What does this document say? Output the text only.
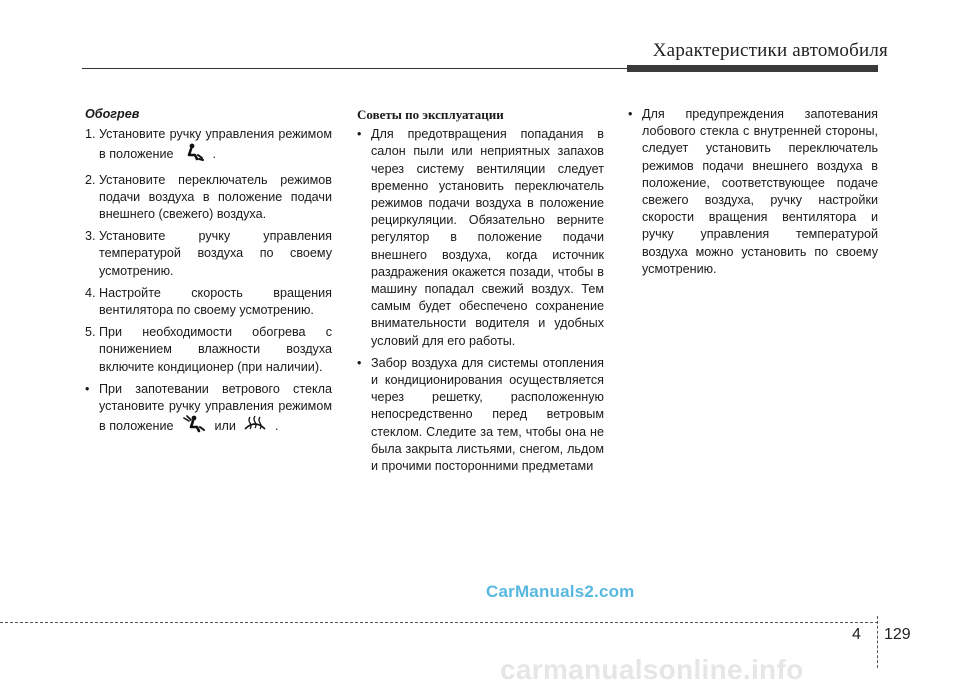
Характеристики автомобиля
Обогрев
1. Установите ручку управления режимом в положение	.
2. Установите переключатель режимов подачи воздуха в положение подачи внешнего (свежего) воздуха.
3. Установите ручку управления температурой воздуха по своему усмотрению.
4. Настройте скорость вращения вентилятора по своему усмотрению.
5. При необходимости обогрева с понижением влажности воздуха включите кондиционер (при наличии).
• При запотевании ветрового стекла установите ручку управления режимом в положение	или	.
Советы по эксплуатации
• Для предотвращения попадания в салон пыли или неприятных запахов через систему вентиляции следует временно установить переключатель режимов подачи воздуха в положение рециркуляции. Обязательно верните регулятор в положение подачи внешнего воздуха, когда источник раздражения окажется позади, чтобы в машину попадал свежий воздух. Тем самым будет обеспечено сохранение внимательности водителя и удобных условий для его работы.
• Забор воздуха для системы отопления и кондиционирования осуществляется через решетку, расположенную непосредственно перед ветровым стеклом. Следите за тем, чтобы она не была закрыта листьями, снегом, льдом и прочими посторонними предметами
• Для предупреждения запотевания лобового стекла с внутренней стороны, следует установить переключатель режимов подачи внешнего воздуха в положение, соответствующее подаче свежего воздуха, ручку настройки скорости вращения вентилятора и ручку управления температурой воздуха можно установить по своему усмотрению.
CarManuals2.com
4 129
carmanualsonline.info
